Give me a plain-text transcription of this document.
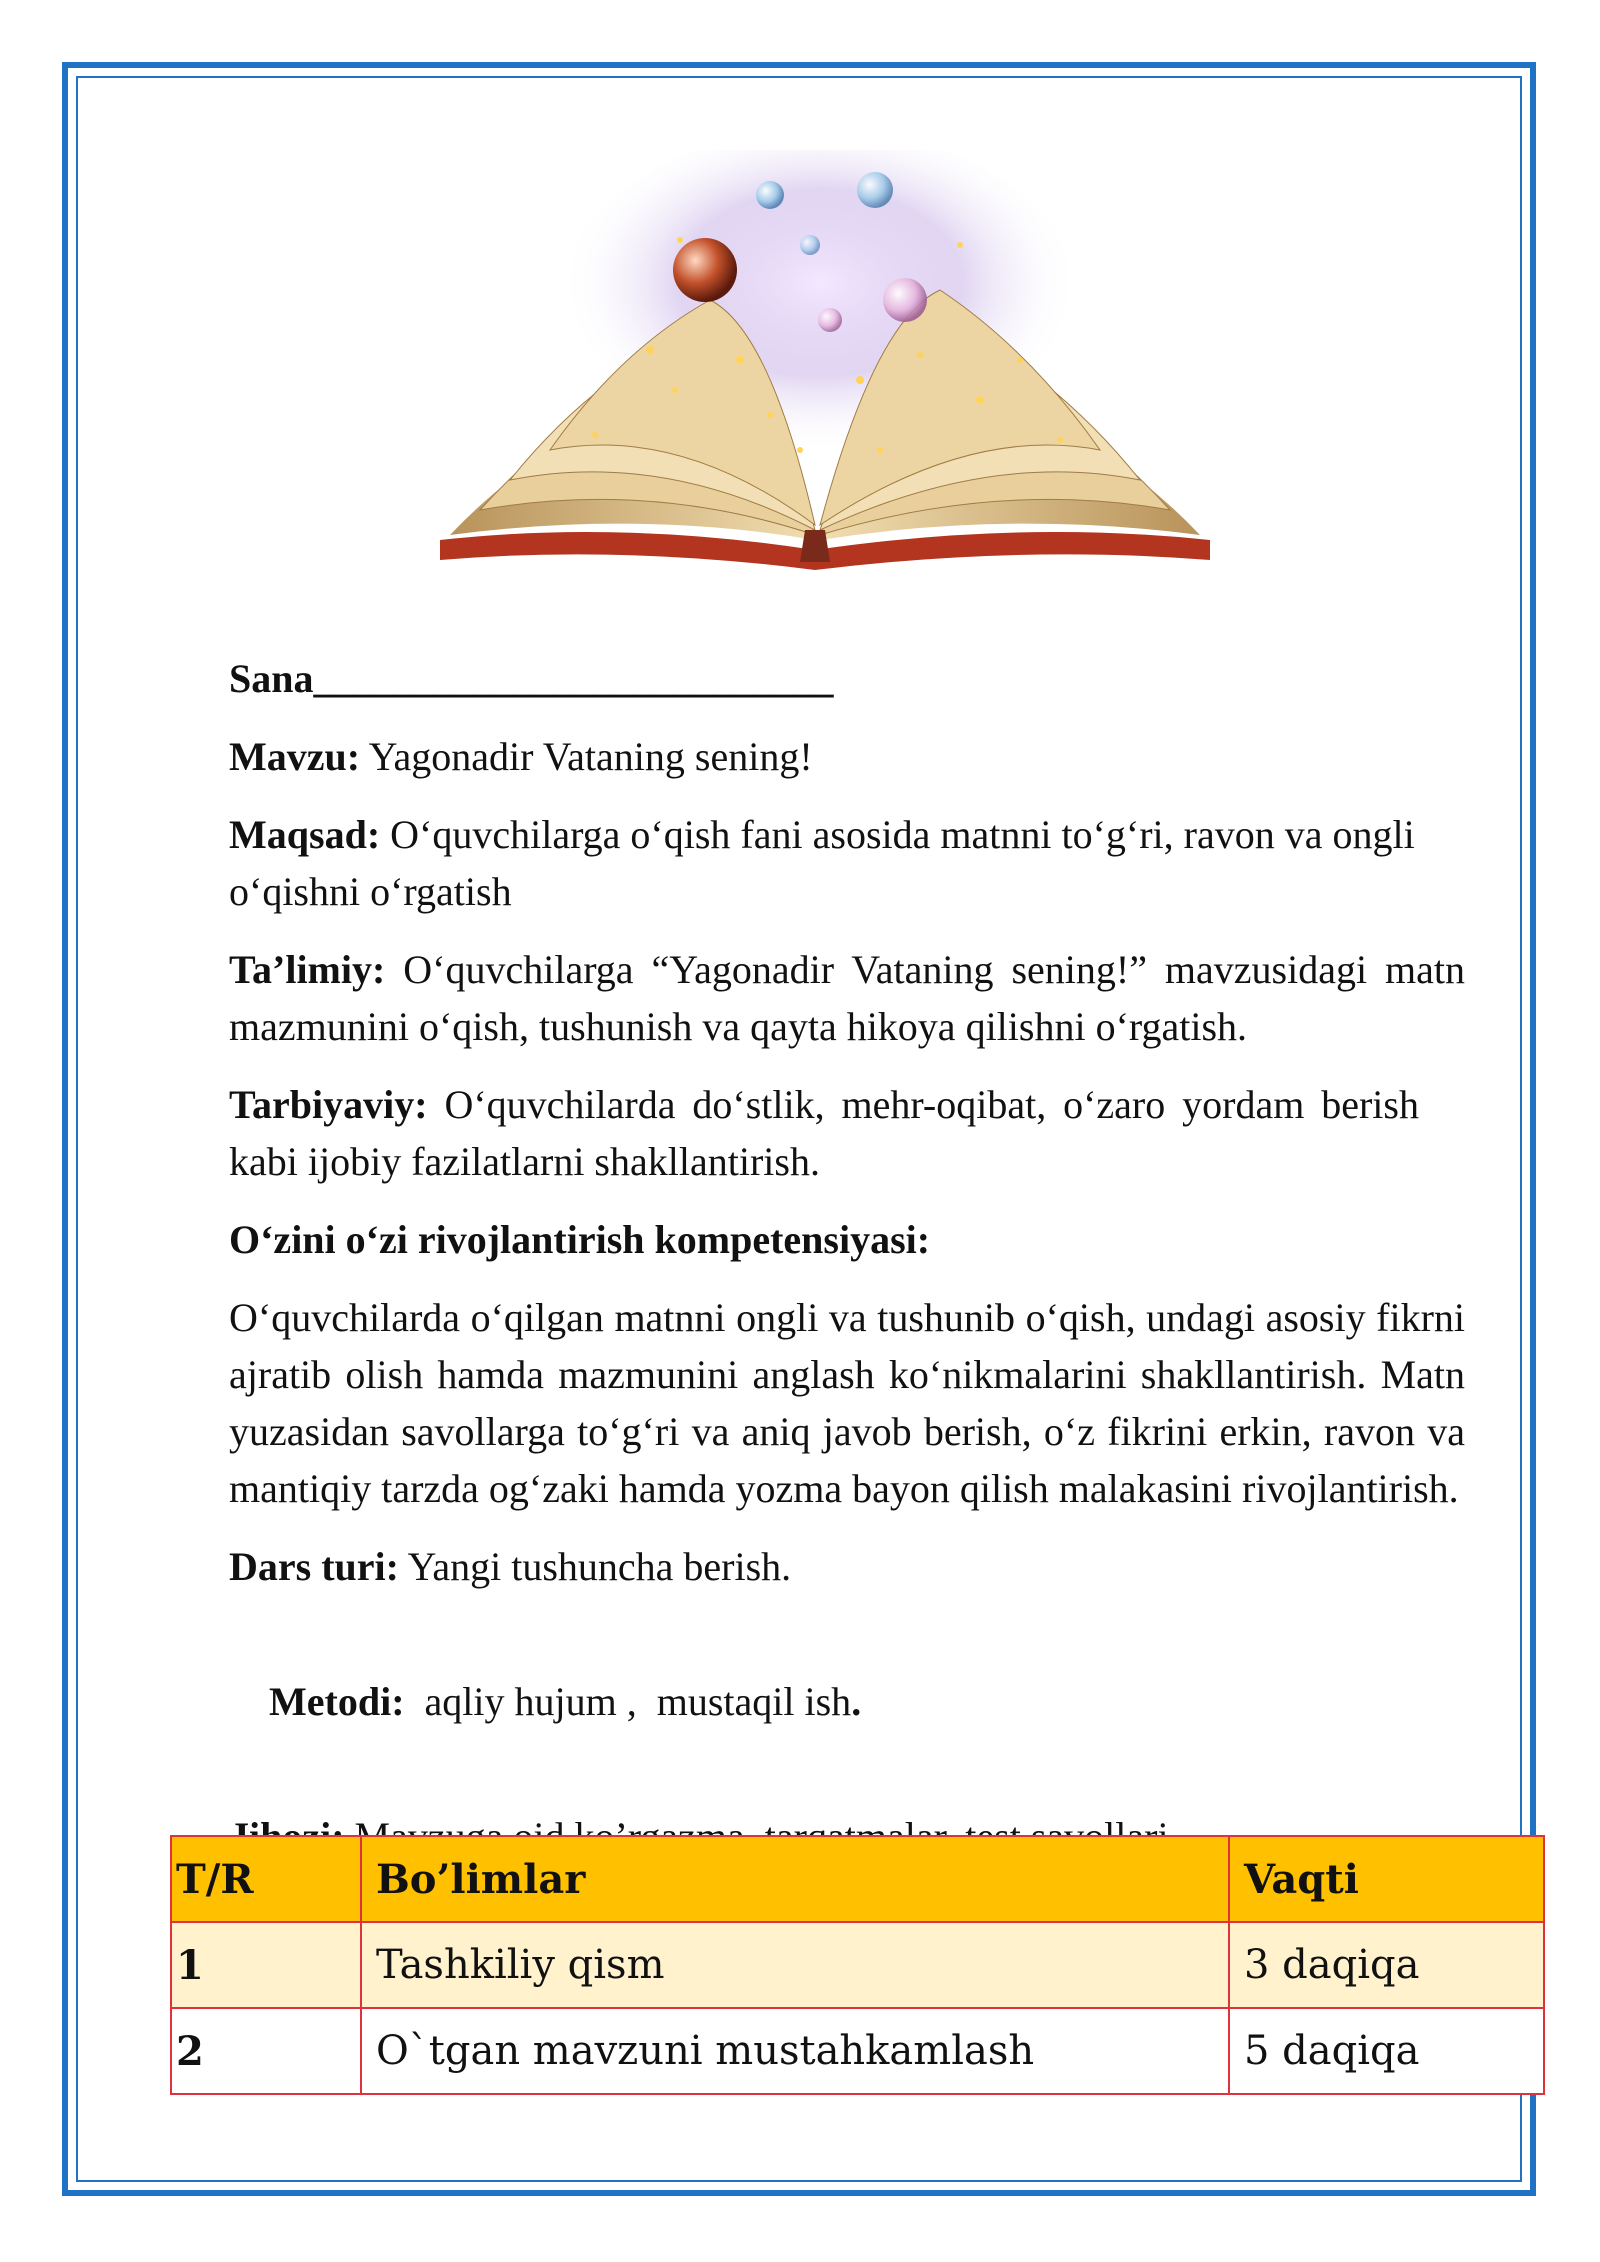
Sana__________________________

Mavzu: Yagonadir Vataning sening!

Maqsad: O‘quvchilarga o‘qish fani asosida matnni to‘g‘ri, ravon va ongli o‘qishni o‘rgatish

Ta’limiy: O‘quvchilarga “Yagonadir Vataning sening!” mavzusidagi matn mazmunini o‘qish, tushunish va qayta hikoya qilishni o‘rgatish.

Tarbiyaviy: O‘quvchilarda do‘stlik, mehr-oqibat, o‘zaro yordam berish kabi ijobiy fazilatlarni shakllantirish.

O‘zini o‘zi rivojlantirish kompetensiyasi:

O‘quvchilarda o‘qilgan matnni ongli va tushunib o‘qish, undagi asosiy fikrni ajratib olish hamda mazmunini anglash ko‘nikmalarini shakllantirish. Matn yuzasidan savollarga to‘g‘ri va aniq javob berish, o‘z fikrini erkin, ravon va mantiqiy tarzda og‘zaki hamda yozma bayon qilish malakasini rivojlantirish.

Dars turi: Yangi tushuncha berish.

Metodi:  aqliy hujum ,  mustaqil ish.

T/R	Bo’limlar	Vaqti
1	Tashkiliy qism	3 daqiqa
2	O`tgan mavzuni mustahkamlash	5 daqiqa
